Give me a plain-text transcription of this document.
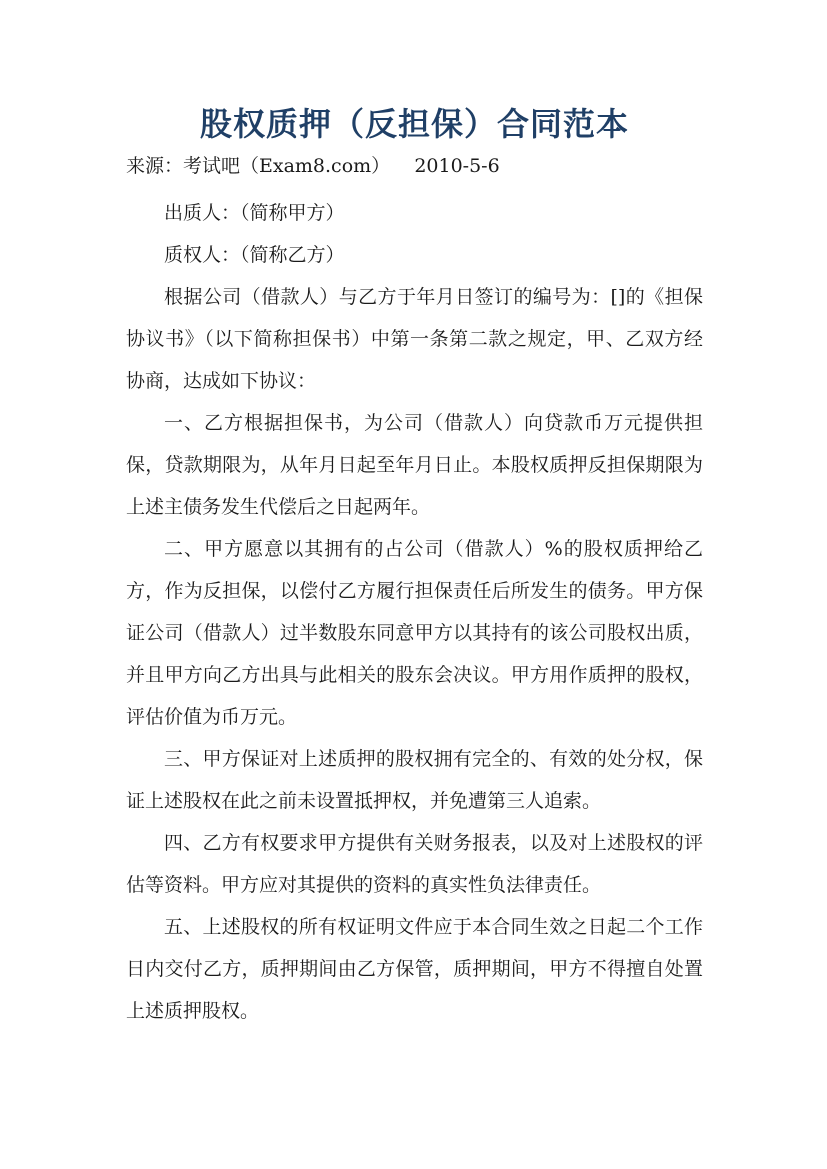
股权质押（反担保）合同范本

来源：考试吧（Exam8.com）    2010-5-6

出质人：（简称甲方）

质权人：（简称乙方）

根据公司（借款人）与乙方于年月日签订的编号为：[]的《担保协议书》（以下简称担保书）中第一条第二款之规定，甲、乙双方经协商，达成如下协议：

一、乙方根据担保书，为公司（借款人）向贷款币万元提供担保，贷款期限为，从年月日起至年月日止。本股权质押反担保期限为上述主债务发生代偿后之日起两年。

二、甲方愿意以其拥有的占公司（借款人）%的股权质押给乙方，作为反担保，以偿付乙方履行担保责任后所发生的债务。甲方保证公司（借款人）过半数股东同意甲方以其持有的该公司股权出质，并且甲方向乙方出具与此相关的股东会决议。甲方用作质押的股权，评估价值为币万元。

三、甲方保证对上述质押的股权拥有完全的、有效的处分权，保证上述股权在此之前未设置抵押权，并免遭第三人追索。

四、乙方有权要求甲方提供有关财务报表，以及对上述股权的评估等资料。甲方应对其提供的资料的真实性负法律责任。

五、上述股权的所有权证明文件应于本合同生效之日起二个工作日内交付乙方，质押期间由乙方保管，质押期间，甲方不得擅自处置上述质押股权。
